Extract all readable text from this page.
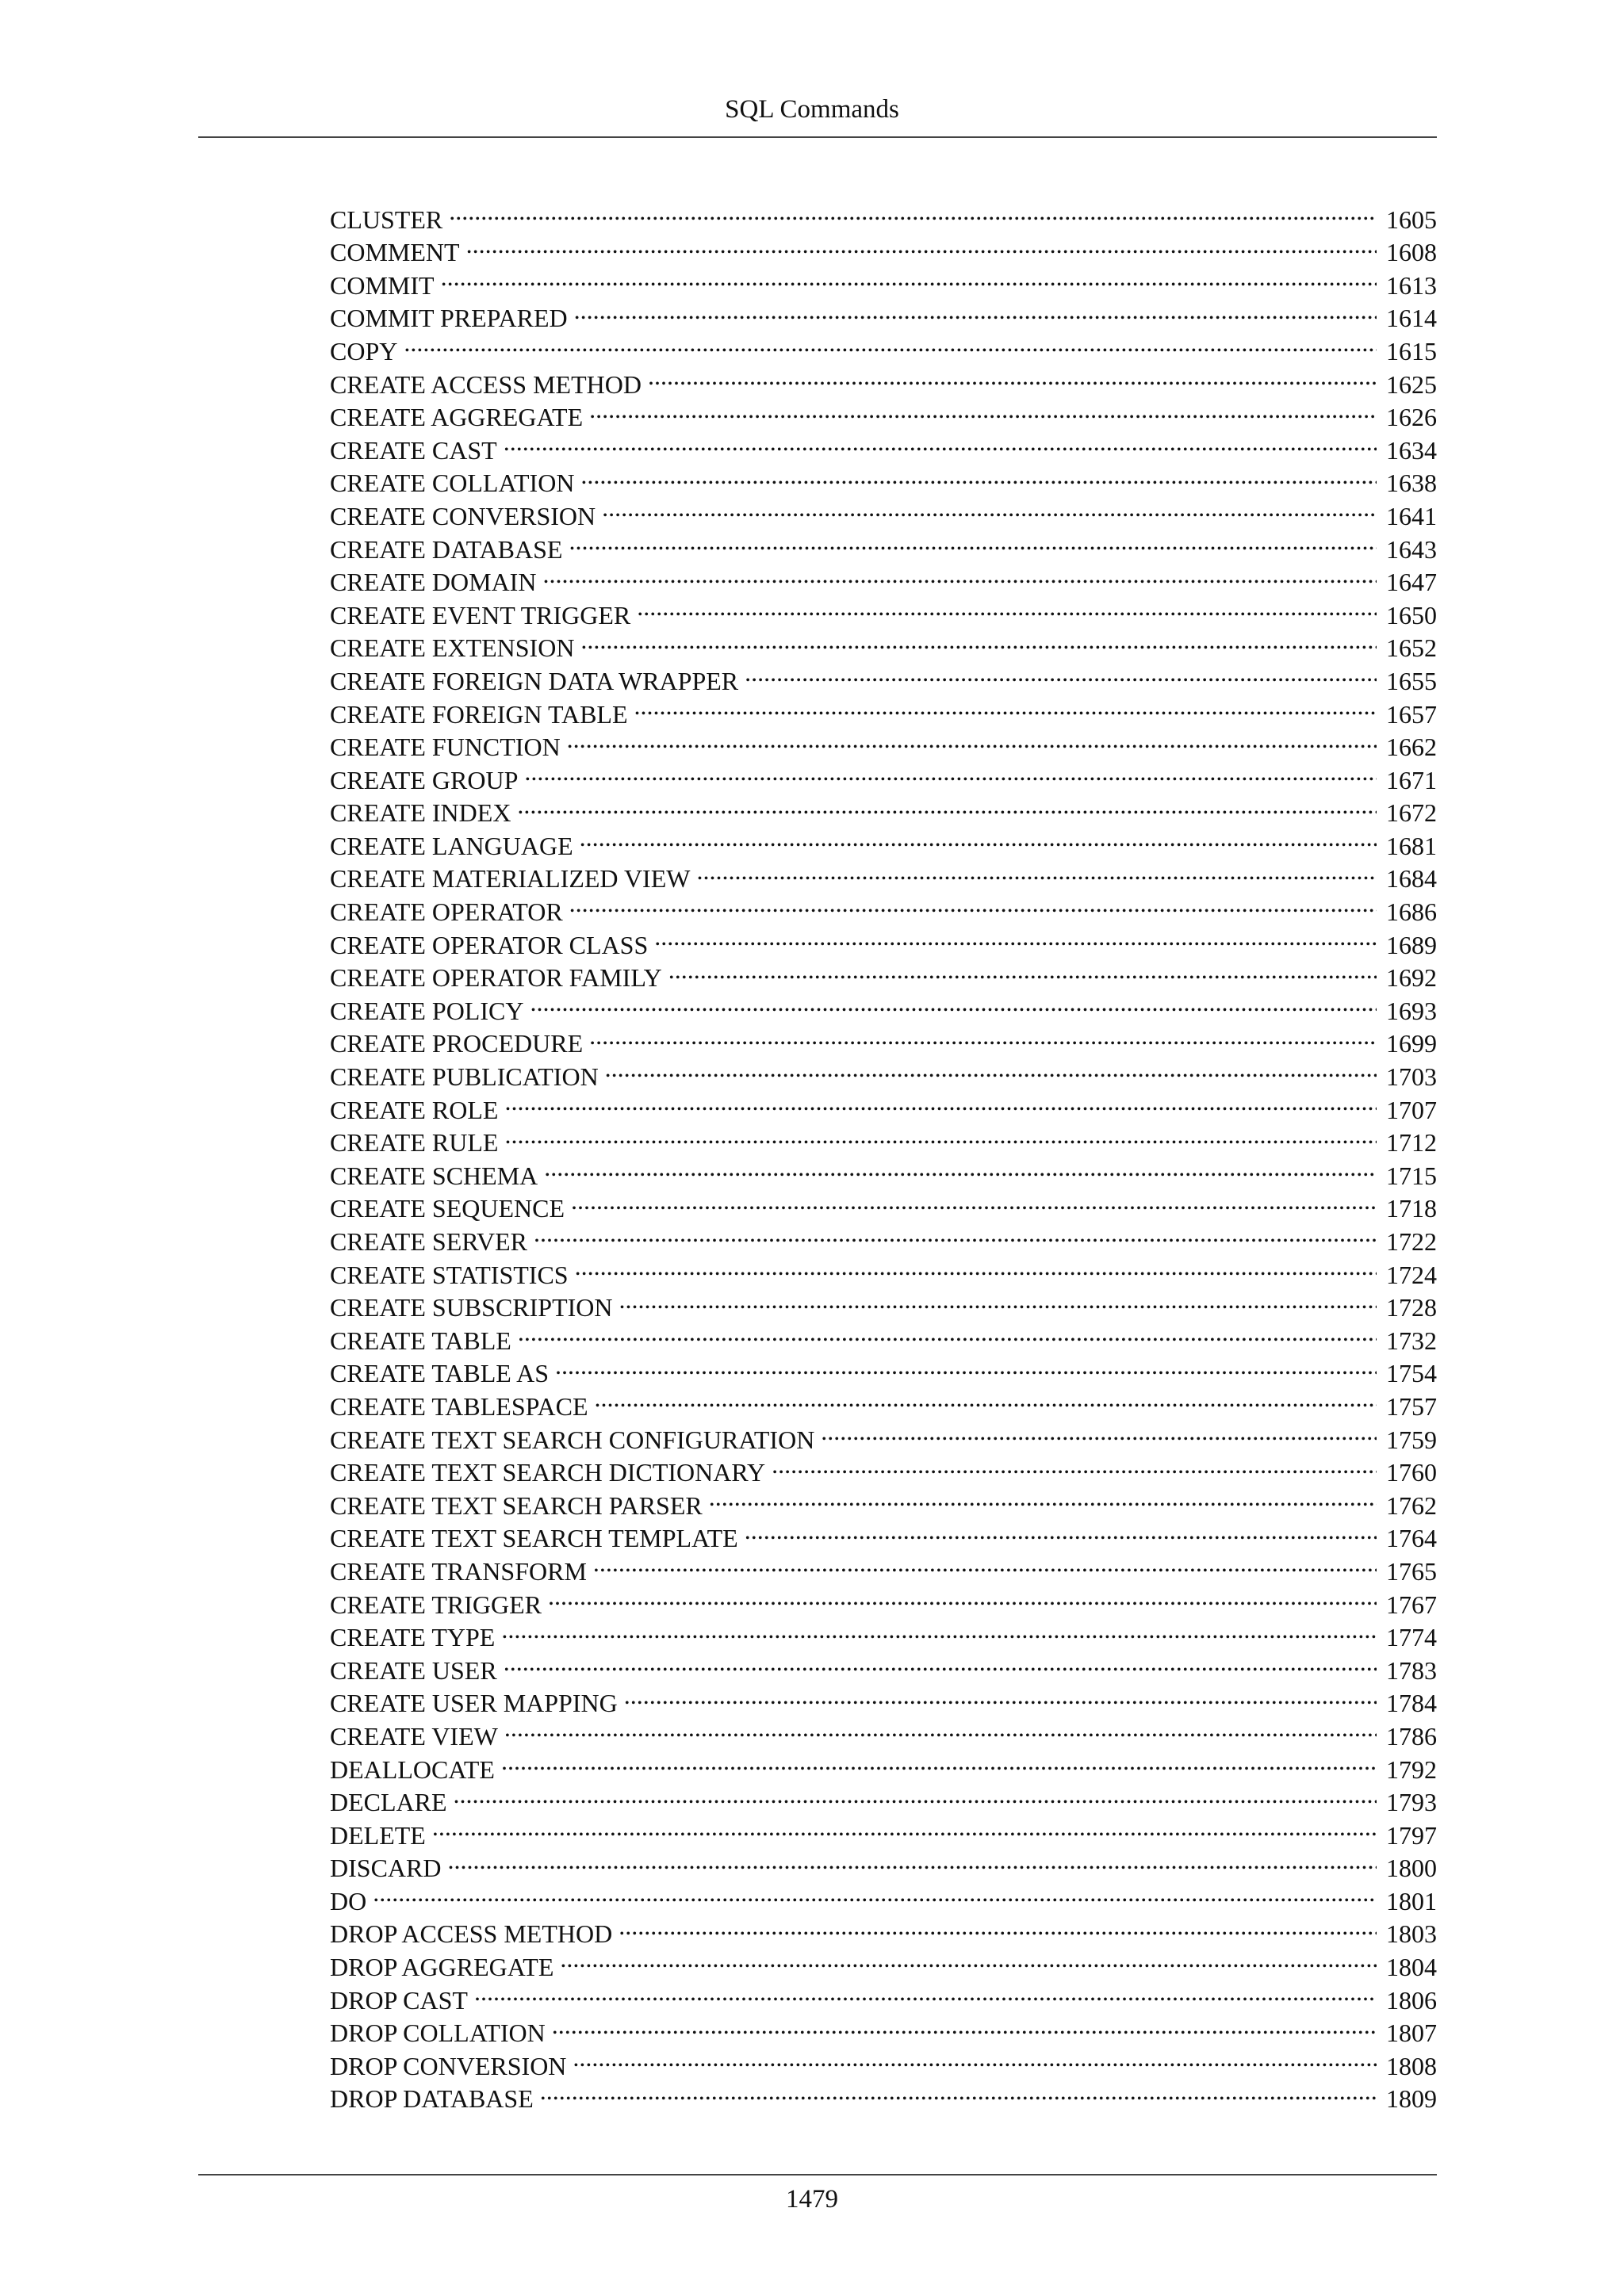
SQL Commands
CLUSTER . . .	1605
COMMENT . . .	1608
COMMIT . . .	1613
COMMIT PREPARED . . .	1614
COPY . . .	1615
CREATE ACCESS METHOD . . .	1625
CREATE AGGREGATE . . .	1626
CREATE CAST . . .	1634
CREATE COLLATION . . .	1638
CREATE CONVERSION . . .	1641
CREATE DATABASE . . .	1643
CREATE DOMAIN . . .	1647
CREATE EVENT TRIGGER . . .	1650
CREATE EXTENSION . . .	1652
CREATE FOREIGN DATA WRAPPER . . .	1655
CREATE FOREIGN TABLE . . .	1657
CREATE FUNCTION . . .	1662
CREATE GROUP . . .	1671
CREATE INDEX . . .	1672
CREATE LANGUAGE . . .	1681
CREATE MATERIALIZED VIEW . . .	1684
CREATE OPERATOR . . .	1686
CREATE OPERATOR CLASS . . .	1689
CREATE OPERATOR FAMILY . . .	1692
CREATE POLICY . . .	1693
CREATE PROCEDURE . . .	1699
CREATE PUBLICATION . . .	1703
CREATE ROLE . . .	1707
CREATE RULE . . .	1712
CREATE SCHEMA . . .	1715
CREATE SEQUENCE . . .	1718
CREATE SERVER . . .	1722
CREATE STATISTICS . . .	1724
CREATE SUBSCRIPTION . . .	1728
CREATE TABLE . . .	1732
CREATE TABLE AS . . .	1754
CREATE TABLESPACE . . .	1757
CREATE TEXT SEARCH CONFIGURATION . . .	1759
CREATE TEXT SEARCH DICTIONARY . . .	1760
CREATE TEXT SEARCH PARSER . . .	1762
CREATE TEXT SEARCH TEMPLATE . . .	1764
CREATE TRANSFORM . . .	1765
CREATE TRIGGER . . .	1767
CREATE TYPE . . .	1774
CREATE USER . . .	1783
CREATE USER MAPPING . . .	1784
CREATE VIEW . . .	1786
DEALLOCATE . . .	1792
DECLARE . . .	1793
DELETE . . .	1797
DISCARD . . .	1800
DO . . .	1801
DROP ACCESS METHOD . . .	1803
DROP AGGREGATE . . .	1804
DROP CAST . . .	1806
DROP COLLATION . . .	1807
DROP CONVERSION . . .	1808
DROP DATABASE . . .	1809
1479
